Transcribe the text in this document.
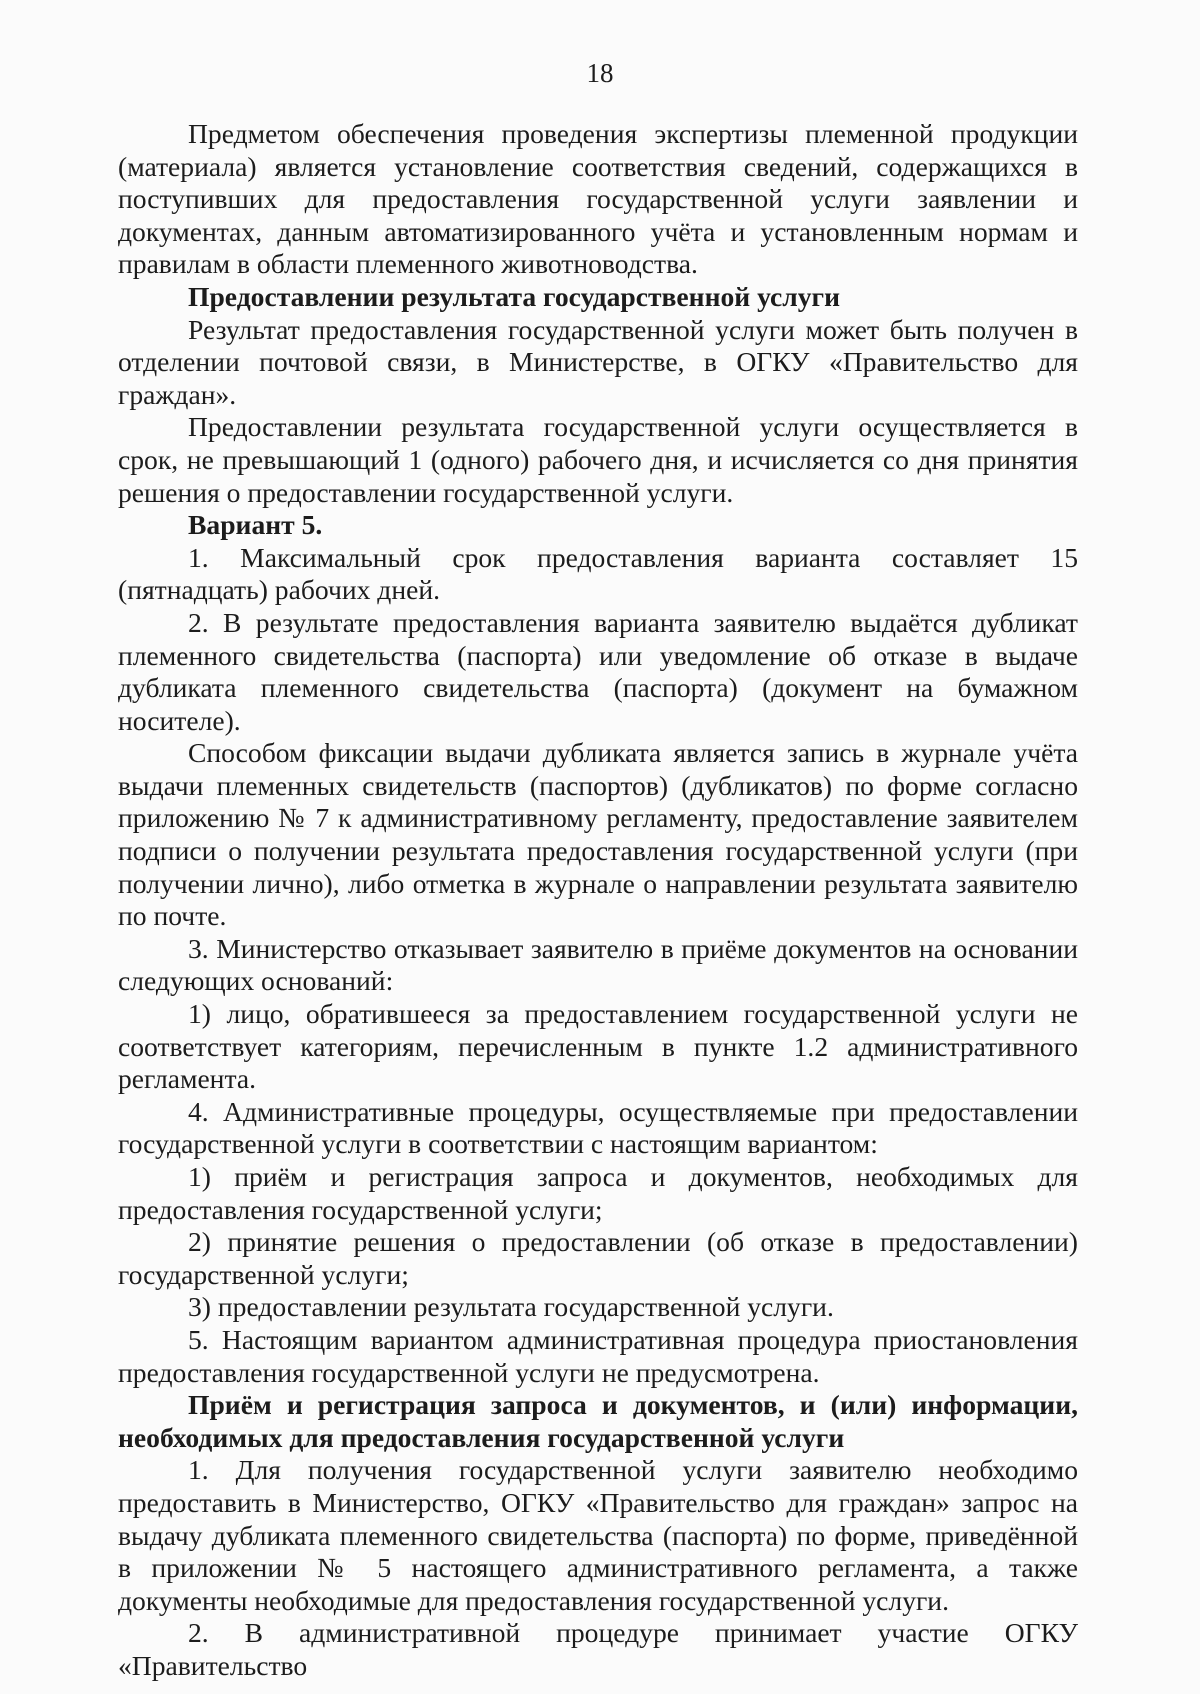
18

Предметом обеспечения проведения экспертизы племенной продукции (материала) является установление соответствия сведений, содержащихся в поступивших для предоставления государственной услуги заявлении и документах, данным автоматизированного учёта и установленным нормам и правилам в области племенного животноводства.

Предоставлении результата государственной услуги

Результат предоставления государственной услуги может быть получен в отделении почтовой связи, в Министерстве, в ОГКУ «Правительство для граждан».

Предоставлении результата государственной услуги осуществляется в срок, не превышающий 1 (одного) рабочего дня, и исчисляется со дня принятия решения о предоставлении государственной услуги.

Вариант 5.

1. Максимальный срок предоставления варианта составляет 15 (пятнадцать) рабочих дней.

2. В результате предоставления варианта заявителю выдаётся дубликат племенного свидетельства (паспорта) или уведомление об отказе в выдаче дубликата племенного свидетельства (паспорта) (документ на бумажном носителе).

Способом фиксации выдачи дубликата является запись в журнале учёта выдачи племенных свидетельств (паспортов) (дубликатов) по форме согласно приложению № 7 к административному регламенту, предоставление заявителем подписи о получении результата предоставления государственной услуги (при получении лично), либо отметка в журнале о направлении результата заявителю по почте.

3. Министерство отказывает заявителю в приёме документов на основании следующих оснований:

1) лицо, обратившееся за предоставлением государственной услуги не соответствует категориям, перечисленным в пункте 1.2 административного регламента.

4. Административные процедуры, осуществляемые при предоставлении государственной услуги в соответствии с настоящим вариантом:

1) приём и регистрация запроса и документов, необходимых для предоставления государственной услуги;

2) принятие решения о предоставлении (об отказе в предоставлении) государственной услуги;

3) предоставлении результата государственной услуги.

5. Настоящим вариантом административная процедура приостановления предоставления государственной услуги не предусмотрена.

Приём и регистрация запроса и документов, и (или) информации, необходимых для предоставления государственной услуги

1. Для получения государственной услуги заявителю необходимо предоставить в Министерство, ОГКУ «Правительство для граждан» запрос на выдачу дубликата племенного свидетельства (паспорта) по форме, приведённой в приложении № 5 настоящего административного регламента, а также документы необходимые для предоставления государственной услуги.

2. В административной процедуре принимает участие ОГКУ «Правительство
